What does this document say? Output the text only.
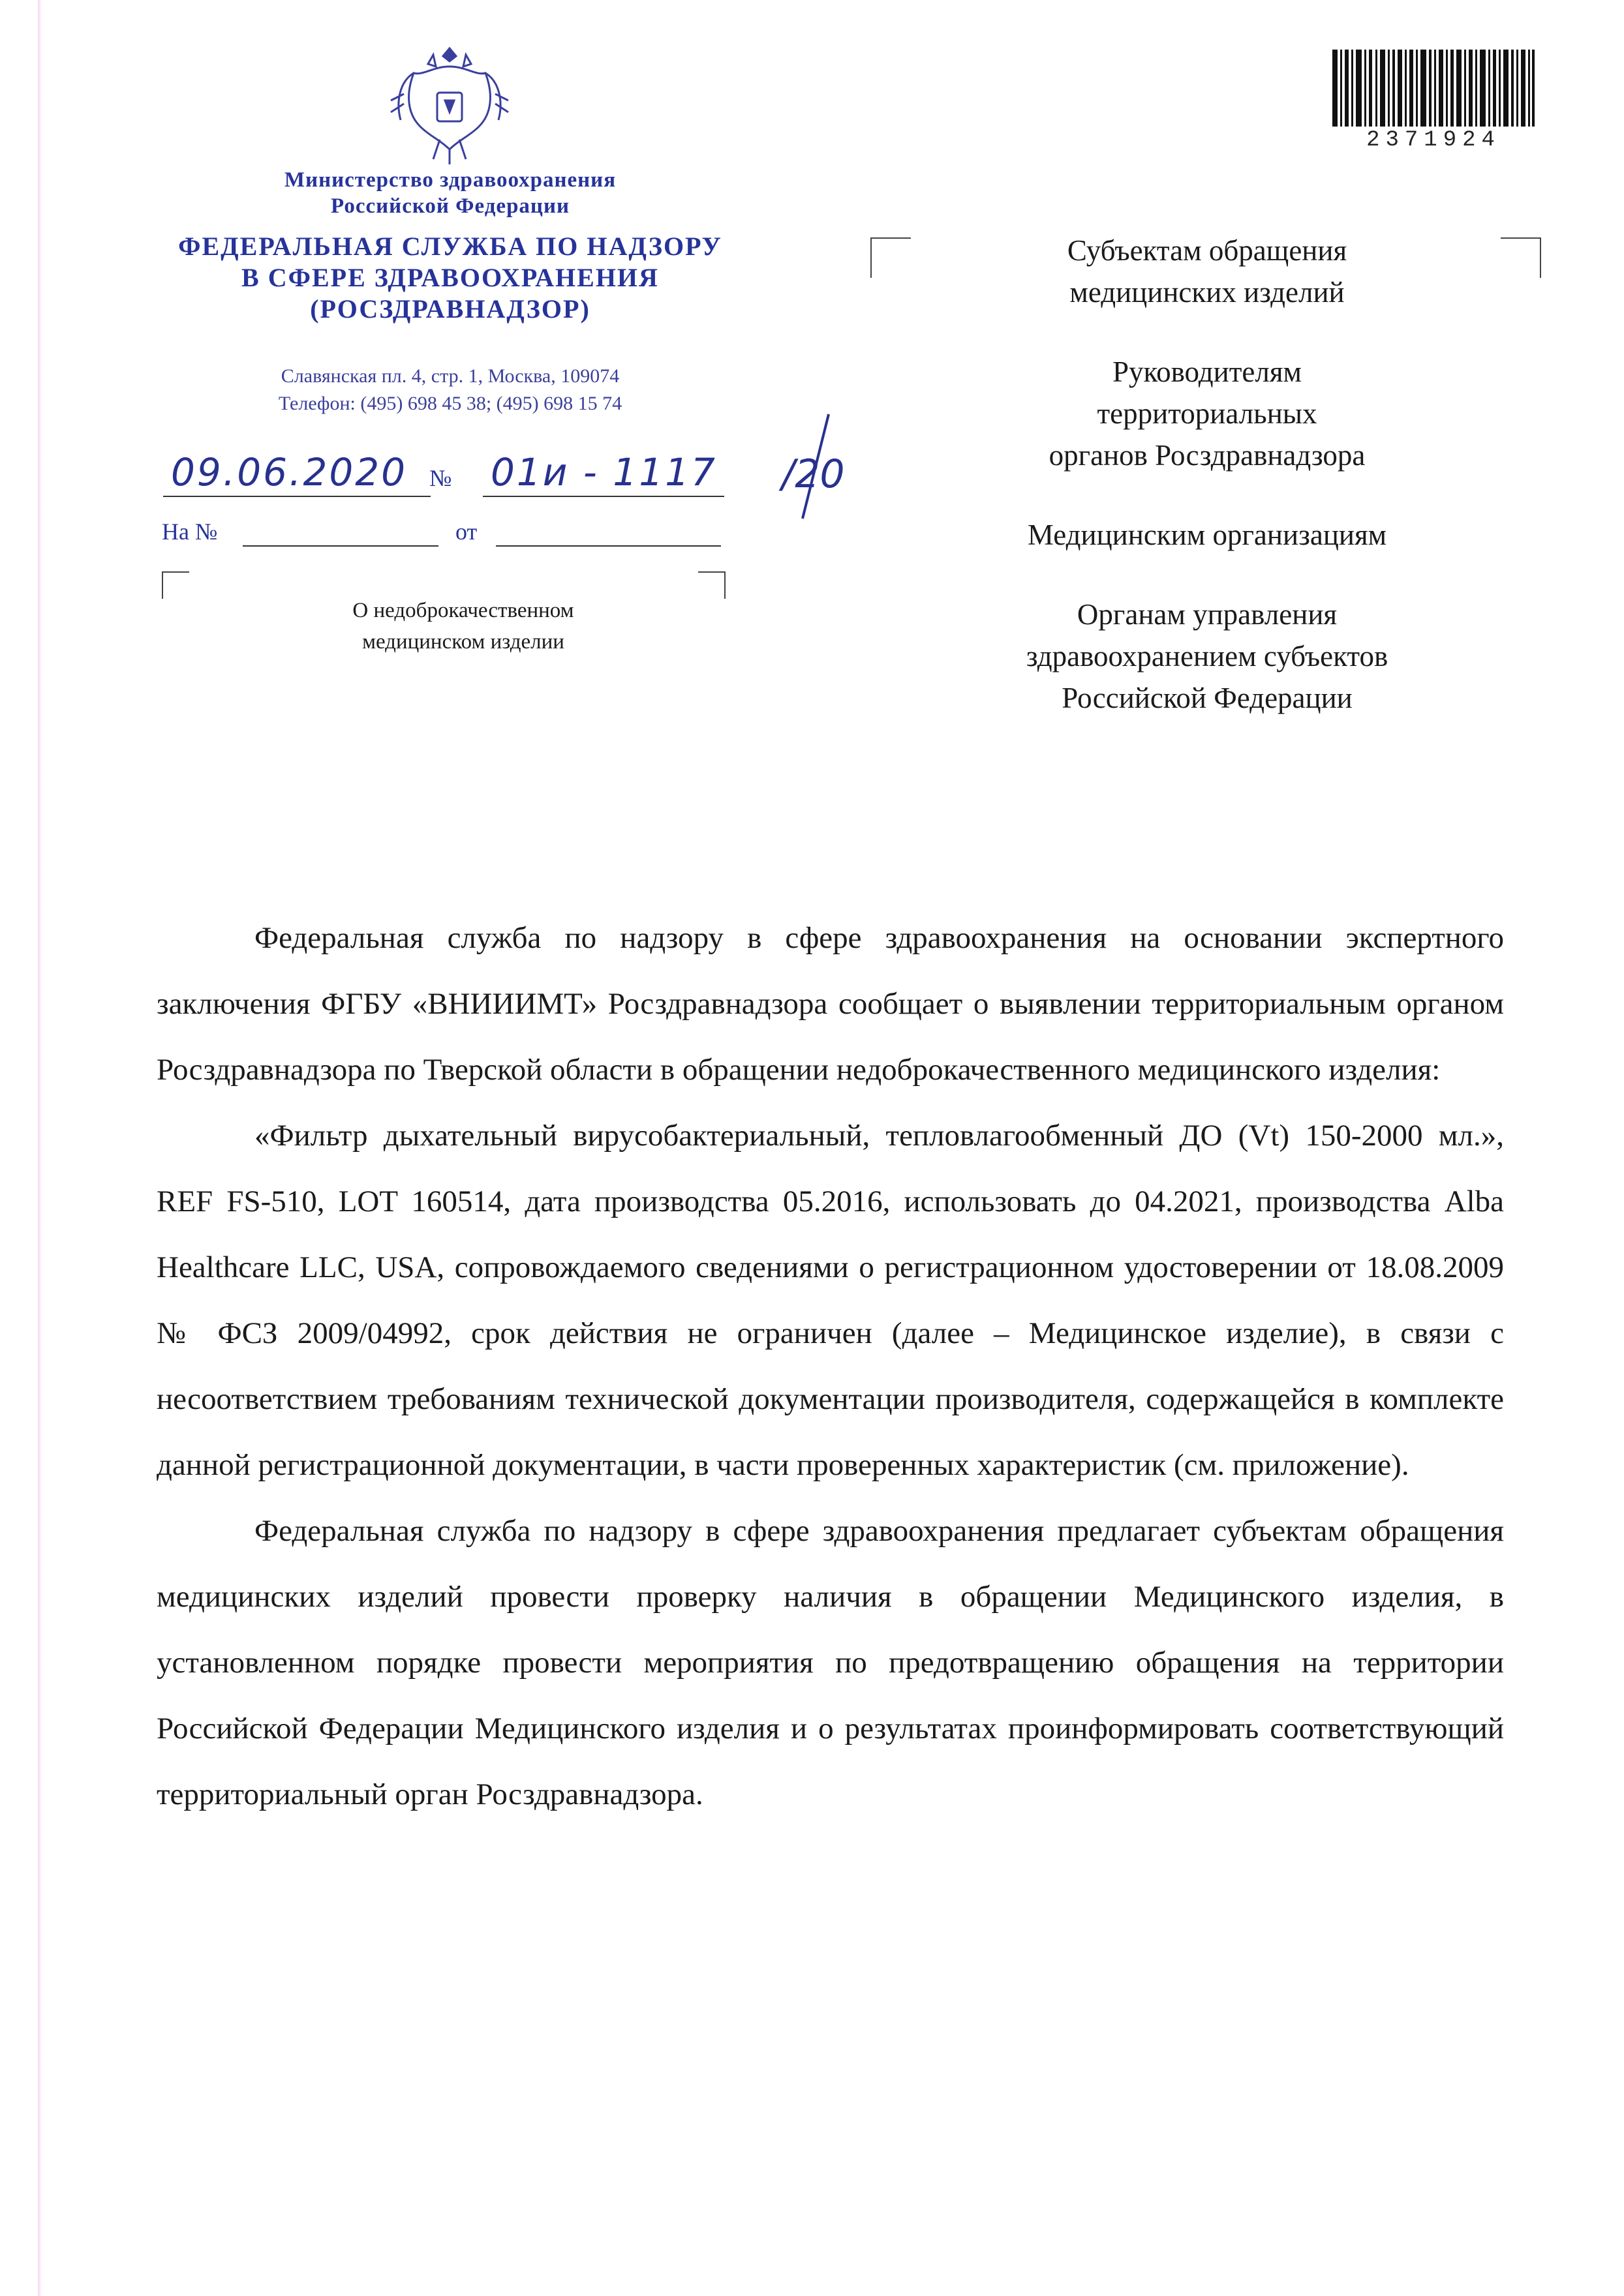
2371924
Министерство здравоохранения
Российской Федерации
ФЕДЕРАЛЬНАЯ СЛУЖБА ПО НАДЗОРУ
В СФЕРЕ ЗДРАВООХРАНЕНИЯ
(РОСЗДРАВНАДЗОР)
Славянская пл. 4, стр. 1, Москва, 109074
Телефон: (495) 698 45 38; (495) 698 15 74
09.06.2020 № 01и - 1117 /20
На №	от
О недоброкачественном
медицинском изделии
Субъектам обращения
медицинских изделий
Руководителям
территориальных
органов Росздравнадзора
Медицинским организациям
Органам управления
здравоохранением субъектов
Российской Федерации

Федеральная служба по надзору в сфере здравоохранения на основании экспертного заключения ФГБУ «ВНИИИМТ» Росздравнадзора сообщает о выявлении территориальным органом Росздравнадзора по Тверской области в обращении недоброкачественного медицинского изделия:

«Фильтр дыхательный вирусобактериальный, тепловлагообменный ДО (Vt) 150-2000 мл.», REF FS-510, LOT 160514, дата производства 05.2016, использовать до 04.2021, производства Alba Healthcare LLC, USA, сопровождаемого сведениями о регистрационном удостоверении от 18.08.2009 № ФСЗ 2009/04992, срок действия не ограничен (далее – Медицинское изделие), в связи с несоответствием требованиям технической документации производителя, содержащейся в комплекте данной регистрационной документации, в части проверенных характеристик (см. приложение).

Федеральная служба по надзору в сфере здравоохранения предлагает субъектам обращения медицинских изделий провести проверку наличия в обращении Медицинского изделия, в установленном порядке провести мероприятия по предотвращению обращения на территории Российской Федерации Медицинского изделия и о результатах проинформировать соответствующий территориальный орган Росздравнадзора.
